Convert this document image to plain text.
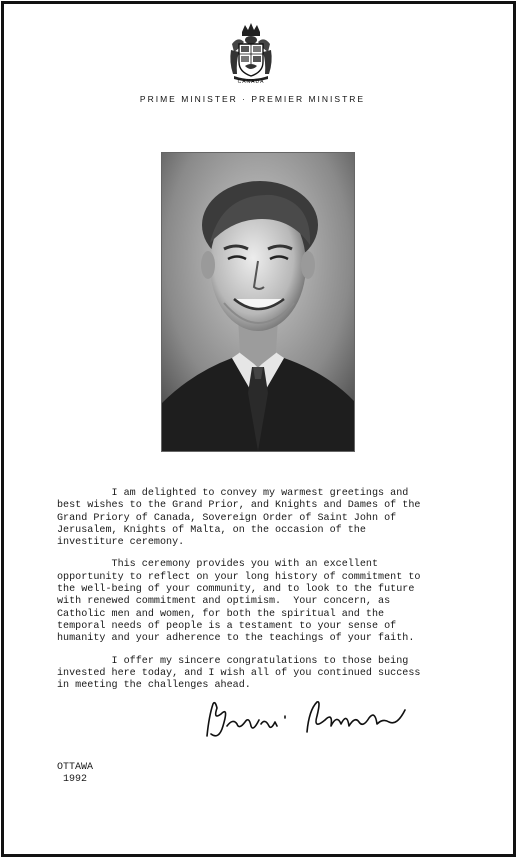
CANADA
PRIME MINISTER · PREMIER MINISTRE

I am delighted to convey my warmest greetings and
best wishes to the Grand Prior, and Knights and Dames of the
Grand Priory of Canada, Sovereign Order of Saint John of
Jerusalem, Knights of Malta, on the occasion of the
investiture ceremony.

This ceremony provides you with an excellent
opportunity to reflect on your long history of commitment to
the well-being of your community, and to look to the future
with renewed commitment and optimism.  Your concern, as
Catholic men and women, for both the spiritual and the
temporal needs of people is a testament to your sense of
humanity and your adherence to the teachings of your faith.

I offer my sincere congratulations to those being
invested here today, and I wish all of you continued success
in meeting the challenges ahead.

OTTAWA
1992
